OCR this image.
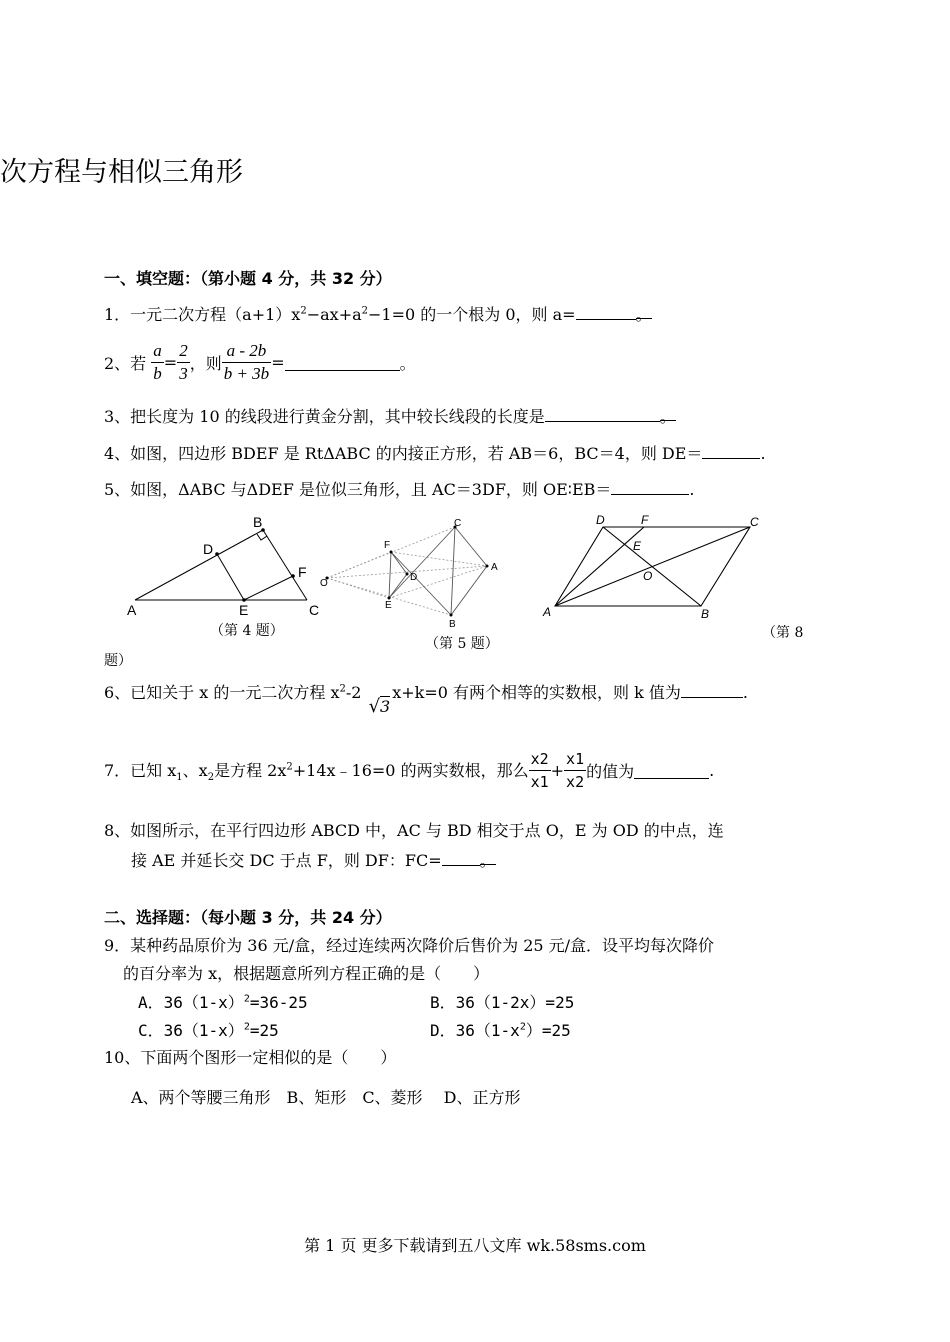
次方程与相似三角形
一、填空题：（第小题 4 分，共 32 分）
1．一元二次方程$(a+1)x^2-ax+a^2-1=0$ 的一个根为 0，则 a=	。
2、若 $\frac{a}{b} = \frac{2}{3}$ ，则 $\frac{a - 2b}{b + 3b}$ =	。
3、把长度为 10 的线段进行黄金分割，其中较长线段的长度是	。
4、如图，四边形 BDEF 是 RtΔABC 的内接正方形，若 AB＝6，BC＝4，则 DE＝	.
5、如图，ΔABC 与ΔDEF 是位似三角形，且 AC＝3DF，则 OE∶EB＝	.
B
D
F
A	E	C
（第 4 题）
C
F
O
D
A
E
B
（第 5 题）
D	F	C
E
O
A	B
（第 8
题）
6、已知关于 x 的一元二次方程 $x^2-2$ √3x+k=0 有两个相等的实数根，则 k 值为	.
7．已知 $x_1$、$x_2$是方程 $2x^2+14x﹣16=0$ 的两实数根，那么 $\frac{x2}{x1} + \frac{x1}{x2}$ 的值为	.
8、如图所示，在平行四边形 ABCD 中，AC 与 BD 相交于点 O，E 为 OD 的中点，连
接 AE 并延长交 DC 于点 F，则 DF：FC= 。
二、选择题：（每小题 3 分，共 24 分）
9．某种药品原价为 36 元/盒，经过连续两次降价后售价为 25 元/盒．设平均每次降价
的百分率为 x，根据题意所列方程正确的是（　　）
A．$36(1-x)^2=36-25$	B．36（1-2x）=25
C．$36(1-x)^2=25$	D．$36(1-x^2)=25$
10、下面两个图形一定相似的是（　　）
A、两个等腰三角形　B、矩形　C、菱形　 D、正方形
第 1 页 更多下载请到五八文库 wk.58sms.com
